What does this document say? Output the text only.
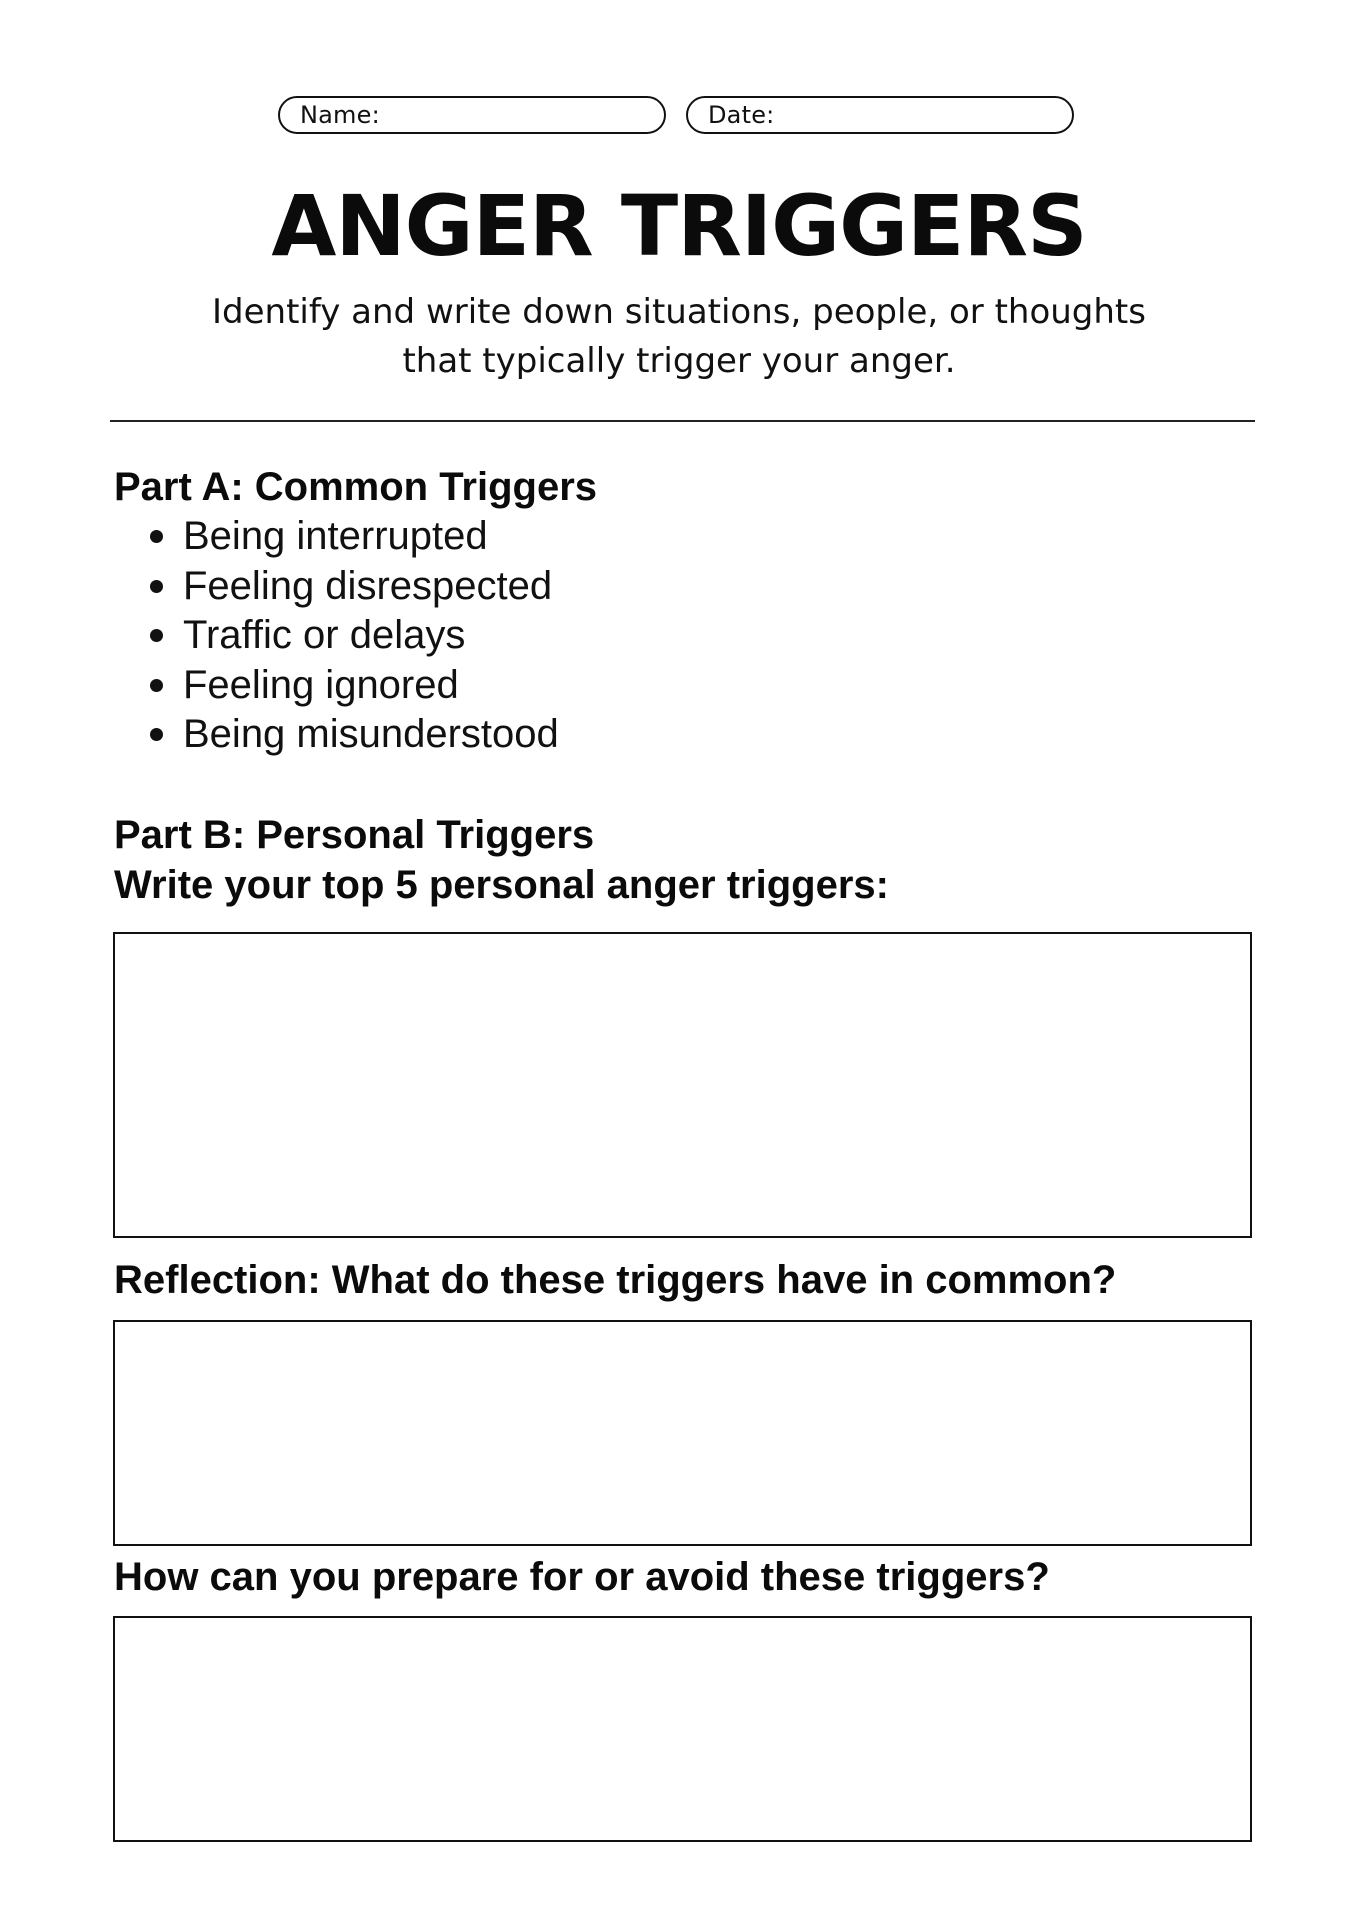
Name:	Date:
ANGER TRIGGERS
Identify and write down situations, people, or thoughts
that typically trigger your anger.
Part A: Common Triggers
Being interrupted
Feeling disrespected
Traffic or delays
Feeling ignored
Being misunderstood
Part B: Personal Triggers
Write your top 5 personal anger triggers:
Reflection: What do these triggers have in common?
How can you prepare for or avoid these triggers?
